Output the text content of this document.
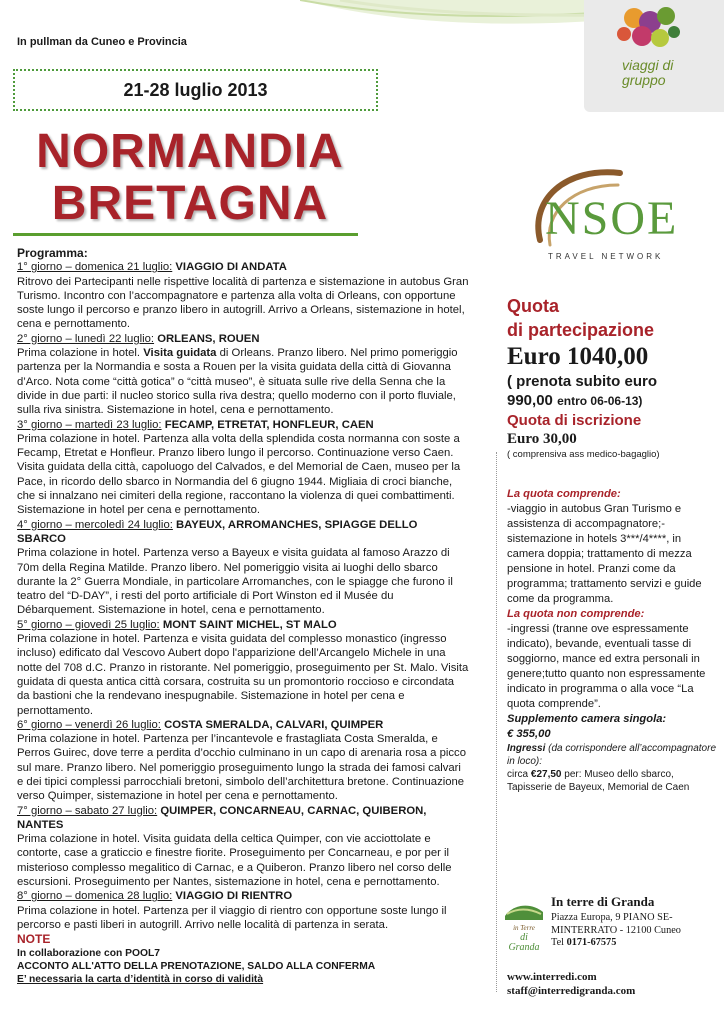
In pullman da Cuneo e Provincia
21-28 luglio 2013
NORMANDIA
BRETAGNA
viaggi di
gruppo
NSOE
TRAVEL NETWORK
Programma:
1° giorno – domenica 21 luglio: VIAGGIO DI ANDATA
Ritrovo dei Partecipanti nelle rispettive località di partenza e sistemazione in autobus Gran Turismo. Incontro con l’accompagnatore e partenza alla volta di Orleans, con opportune soste lungo il percorso e pranzo libero in autogrill. Arrivo a Orleans, sistemazione in hotel, cena e pernottamento.
2° giorno – lunedì 22 luglio: ORLEANS, ROUEN
Prima colazione in hotel. Visita guidata di Orleans. Pranzo libero. Nel primo pomeriggio partenza per la Normandia e sosta a Rouen per la visita guidata della città di Giovanna d’Arco. Nota come “città gotica” o “città museo”, è situata sulle rive della Senna che la divide in due parti: il nucleo storico sulla riva destra; quello moderno con il porto fluviale, sulla riva sinistra. Sistemazione in hotel, cena e pernottamento.
3° giorno – martedì 23 luglio: FECAMP, ETRETAT, HONFLEUR, CAEN
Prima colazione in hotel. Partenza alla volta della splendida costa normanna con soste a Fecamp, Etretat e Honfleur. Pranzo libero lungo il percorso. Continuazione verso Caen. Visita guidata della città, capoluogo del Calvados, e del Memorial de Caen, museo per la Pace, in ricordo dello sbarco in Normandia del 6 giugno 1944. Migliaia di croci bianche, che si innalzano nei cimiteri della regione, raccontano la violenza di quei combattimenti. Sistemazione in hotel per cena e pernottamento.
4° giorno – mercoledì 24 luglio: BAYEUX, ARROMANCHES, SPIAGGE DELLO SBARCO
Prima colazione in hotel. Partenza verso a Bayeux e visita guidata al famoso Arazzo di 70m della Regina Matilde. Pranzo libero. Nel pomeriggio visita ai luoghi dello sbarco durante la 2° Guerra Mondiale, in particolare Arromanches, con le spiagge che furono il teatro del “D-DAY”, i resti del porto artificiale di Port Winston ed il Musée du Débarquement. Sistemazione in hotel, cena e pernottamento.
5° giorno – giovedì 25 luglio: MONT SAINT MICHEL, ST MALO
Prima colazione in hotel. Partenza e visita guidata del complesso monastico (ingresso incluso) edificato dal Vescovo Aubert dopo l'apparizione dell’Arcangelo Michele in una notte del 708 d.C. Pranzo in ristorante. Nel pomeriggio, proseguimento per St. Malo. Visita guidata di questa antica città corsara, costruita su un promontorio roccioso e circondata da bastioni che la rendevano inespugnabile. Sistemazione in hotel per cena e pernottamento.
6° giorno – venerdì 26 luglio: COSTA SMERALDA, CALVARI, QUIMPER
Prima colazione in hotel. Partenza per l’incantevole e frastagliata Costa Smeralda, e Perros Guirec, dove terre a perdita d’occhio culminano in un capo di arenaria rosa a picco sul mare. Pranzo libero. Nel pomeriggio proseguimento lungo la strada dei famosi calvari e dei tipici complessi parrocchiali bretoni, simbolo dell’architettura bretone. Continuazione verso Quimper, sistemazione in hotel per cena e pernottamento.
7° giorno – sabato 27 luglio: QUIMPER, CONCARNEAU, CARNAC, QUIBERON, NANTES
Prima colazione in hotel. Visita guidata della celtica Quimper, con vie acciottolate e contorte, case a graticcio e finestre fiorite. Proseguimento per Concarneau, e por per il misterioso complesso megalitico di Carnac, e a Quiberon. Pranzo libero nel corso delle escursioni. Proseguimento per Nantes, sistemazione in hotel, cena e pernottamento.
8° giorno – domenica 28 luglio: VIAGGIO DI RIENTRO
Prima colazione in hotel. Partenza per il viaggio di rientro con opportune soste lungo il percorso e pasti liberi in autogrill. Arrivo nelle località di partenza in serata.
NOTE
In collaborazione con POOL7
ACCONTO ALL'ATTO DELLA PRENOTAZIONE, SALDO ALLA CONFERMA
E’ necessaria la carta d’identità in corso di validità
Quota
di partecipazione
Euro 1040,00
( prenota subito euro
990,00 entro 06-06-13)
Quota di iscrizione
Euro 30,00
( comprensiva ass medico-bagaglio)
La quota comprende:
-viaggio in autobus Gran Turismo e assistenza di accompagnatore;- sistemazione in hotels 3***/4****, in camera doppia; trattamento di mezza pensione in hotel. Pranzi come da programma; trattamento servizi e guide come da programma.
La quota non comprende:
-ingressi (tranne ove espressamente indicato), bevande, eventuali tasse di soggiorno, mance ed extra personali in genere;tutto quanto non espressamente indicato in programma o alla voce “La quota comprende”.
Supplemento camera singola:
€ 355,00
Ingressi (da corrispondere all’accompagnatore in loco):
circa €27,50 per: Museo dello sbarco, Tapisserie de Bayeux, Memorial de Caen
in Terre
di
Granda
In terre di Granda
Piazza Europa, 9 PIANO SE-
MINTERRATO - 12100 Cuneo
Tel 0171-67575
www.interredi.com
staff@interredigranda.com
